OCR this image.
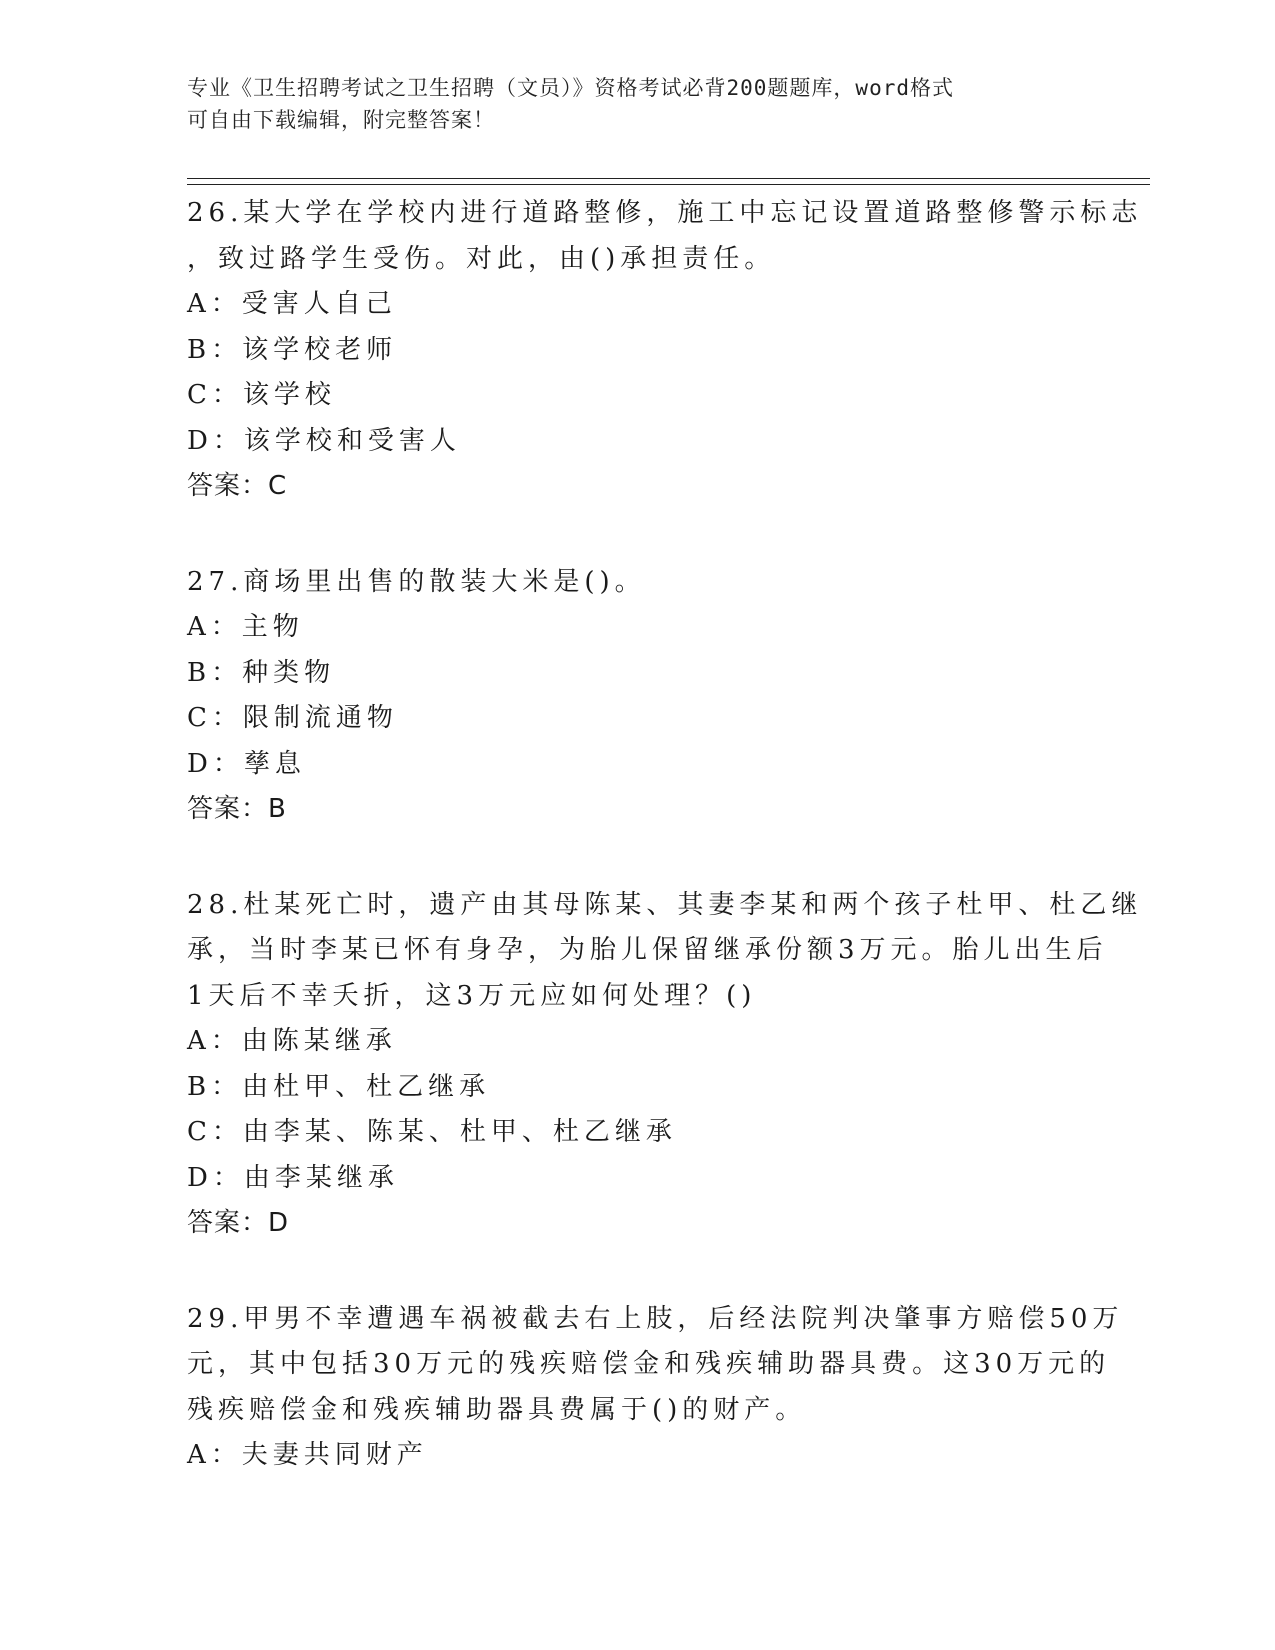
专业《卫生招聘考试之卫生招聘（文员）》资格考试必背200题题库，word格式
可自由下载编辑，附完整答案！
26.某大学在学校内进行道路整修，施工中忘记设置道路整修警示标志
，致过路学生受伤。对此，由()承担责任。
A：受害人自己
B：该学校老师
C：该学校
D：该学校和受害人
答案：C
27.商场里出售的散装大米是()。
A：主物
B：种类物
C：限制流通物
D：孳息
答案：B
28.杜某死亡时，遗产由其母陈某、其妻李某和两个孩子杜甲、杜乙继
承，当时李某已怀有身孕，为胎儿保留继承份额3万元。胎儿出生后
1天后不幸夭折，这3万元应如何处理？()
A：由陈某继承
B：由杜甲、杜乙继承
C：由李某、陈某、杜甲、杜乙继承
D：由李某继承
答案：D
29.甲男不幸遭遇车祸被截去右上肢，后经法院判决肇事方赔偿50万
元，其中包括30万元的残疾赔偿金和残疾辅助器具费。这30万元的
残疾赔偿金和残疾辅助器具费属于()的财产。
A：夫妻共同财产
